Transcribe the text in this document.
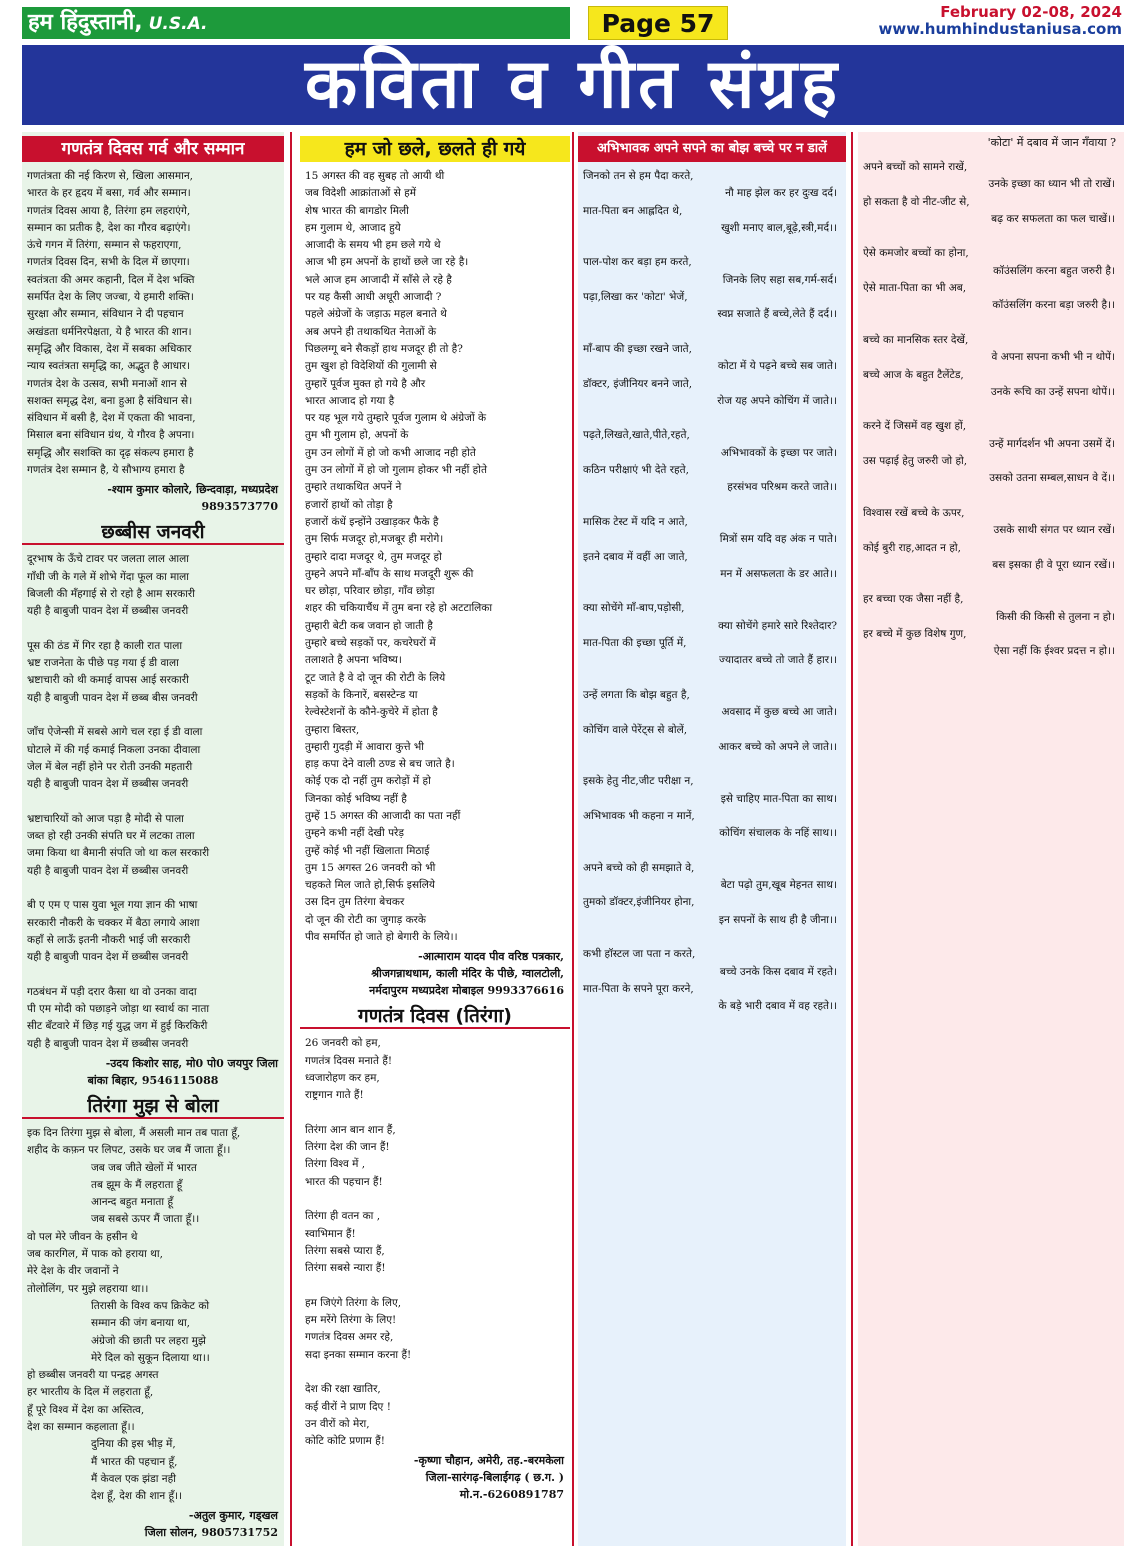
हम हिंदुस्तानी, U.S.A.	Page 57	February 02-08, 2024
www.humhindustaniusa.com
कविता व गीत संग्रह
गणतंत्र दिवस गर्व और सम्मान
गणतंत्रता की नई किरण से, खिला आसमान,
भारत के हर हृदय में बसा, गर्व और सम्मान।
गणतंत्र दिवस आया है, तिरंगा हम लहराएंगे,
सम्मान का प्रतीक है, देश का गौरव बढ़ाएंगे।
ऊंचे गगन में तिरंगा, सम्मान से फहराएगा,
गणतंत्र दिवस दिन, सभी के दिल में छाएगा।
स्वतंत्रता की अमर कहानी, दिल में देश भक्ति
समर्पित देश के लिए जज्बा, ये हमारी शक्ति।
सुरक्षा और सम्मान, संविधान ने दी पहचान
अखंडता धर्मनिरपेक्षता, ये है भारत की शान।
समृद्धि और विकास, देश में सबका अधिकार
न्याय स्वतंत्रता समृद्धि का, अद्भुत है आधार।
गणतंत्र देश के उत्सव, सभी मनाओं शान से
सशक्त समृद्ध देश, बना हुआ है संविधान से।
संविधान में बसी है, देश में एकता की भावना,
मिसाल बना संविधान ग्रंथ, ये गौरव है अपना।
समृद्धि और सशक्ति का दृढ़ संकल्प हमारा है
गणतंत्र देश सम्मान है, ये सौभाग्य हमारा है
-श्याम कुमार कोलारे, छिन्दवाड़ा, मध्यप्रदेश
9893573770
छब्बीस जनवरी
दूरभाष के ऊँचे टावर पर जलता लाल आला
गाँधी जी के गले में शोभे गेंदा फूल का माला
बिजली की मँहगाई से रो रहो है आम सरकारी
यही है बाबुजी पावन देश में छब्बीस जनवरी
पूस की ठंड में गिर रहा है काली रात पाला
भ्रष्ट राजनेता के पीछे पड़ गया ई डी वाला
भ्रष्टाचारी को थी कमाई वापस आई सरकारी
यही है बाबुजी पावन देश में छब्ब बीस जनवरी
जाँच ऐजेन्सी में सबसे आगे चल रहा ई डी वाला
घोटाले में की गई कमाई निकला उनका दीवाला
जेल में बेल नहीं होने पर रोती उनकी महतारी
यही है बाबुजी पावन देश में छब्बीस जनवरी
भ्रष्टाचारियों को आज पड़ा है मोदी से पाला
जब्त हो रही उनकी संपति घर में लटका ताला
जमा किया था बैमानी संपति जो था कल सरकारी
यही है बाबुजी पावन देश में छब्बीस जनवरी
बी ए एम ए पास युवा भूल गया ज्ञान की भाषा
सरकारी नौकरी के चक्कर में बैठा लगाये आशा
कहाँ से लाऊँ इतनी नौकरी भाई जी सरकारी
यही है बाबुजी पावन देश में छब्बीस जनवरी
गठबंधन में पड़ी दरार कैसा था वो उनका वादा
पी एम मोदी को पछाड़ने जोड़ा था स्वार्थ का नाता
सीट बँटवारे में छिड़ गई युद्ध जग में हुई किरकिरी
यही है बाबुजी पावन देश में छब्बीस जनवरी
-उदय किशोर साह, मो0 पो0 जयपुर जिला
बांका बिहार, 9546115088
तिरंगा मुझ से बोला
इक दिन तिरंगा मुझ से बोला, मैं असली मान तब पाता हूँ,
शहीद के कफ़न पर लिपट, उसके घर जब मैं जाता हूँ।।
जब जब जीते खेलों में भारत
तब झूम के मैं लहराता हूँ
आनन्द बहुत मनाता हूँ
जब सबसे ऊपर मैं जाता हूँ।।
वो पल मेरे जीवन के हसीन थे
जब कारगिल, में पाक को हराया था,
मेरे देश के वीर जवानों ने
तोलोलिंग, पर मुझे लहराया था।।
तिरासी के विश्व कप क्रिकेट को
सम्मान की जंग बनाया था,
अंग्रेजो की छाती पर लहरा मुझे
मेरे दिल को सुकून दिलाया था।।
हो छब्बीस जनवरी या पन्द्रह अगस्त
हर भारतीय के दिल में लहराता हूँ,
हूँ पूरे विश्व में देश का अस्तित्व,
देश का सम्मान कहलाता हूँ।।
दुनिया की इस भीड़ में,
मैं भारत की पहचान हूँ,
मैं केवल एक झंडा नही
देश हूँ, देश की शान हूँ।।
-अतुल कुमार, गड्खल
जिला सोलन, 9805731752
हम जो छले, छलते ही गये
15 अगस्त की वह सुबह तो आयी थी
जब विदेशी आक्रांताओं से हमें
शेष भारत की बागडोर मिली
हम गुलाम थे, आजाद हुये
आजादी के समय भी हम छले गये थे
आज भी हम अपनों के हाथों छले जा रहे है।
भले आज हम आजादी में साँसे ले रहे है
पर यह कैसी आधी अधूरी आजादी ?
पहले अंग्रेजों के जड़ाऊ महल बनाते थे
अब अपने ही तथाकथित नेताओं के
पिछलग्गू बने सैकड़ों हाथ मजदूर ही तो है?
तुम खुश हो विदेशियों की गुलामी से
तुम्हारें पूर्वज मुक्त हो गये है और
भारत आजाद हो गया है
पर यह भूल गये तुम्हारे पूर्वज गुलाम थे अंग्रेजों के
तुम भी गुलाम हो, अपनों के
तुम उन लोगों में हो जो कभी आजाद नही होते
तुम उन लोगों में हो जो गुलाम होकर भी नहीं होते
तुम्हारे तथाकथित अपनें ने
हजारों हाथों को तोड़ा है
हजारों कंधें इन्होंने उखाड़कर फैके है
तुम सिर्फ मजदूर हो,मजबूर ही मरोगे।
तुम्हारे दादा मजदूर थे, तुम मजदूर हो
तुम्हने अपने माँ-बाँप के साथ मजदूरी शुरू की
घर छोड़ा, परिवार छोड़ा, गाँव छोड़ा
शहर की चकियाचैंध में तुम बना रहे हो अटटालिका
तुम्हारी बेटी कब जवान हो जाती है
तुम्हारे बच्चे सड़कों पर, कचरेघरों में
तलाशते है अपना भविष्य।
टूट जाते है वे दो जून की रोटी के लिये
सड़कों के किनारें, बसस्टेन्ड या
रेल्वेस्टेशनों के कौने-कुचेरे में होता है
तुम्हारा बिस्तर,
तुम्हारी गुदड़ी में आवारा कुत्ते भी
हाड़ कपा देने वाली ठण्ड से बच जाते है।
कोई एक दो नहीं तुम करोड़ों में हो
जिनका कोई भविष्य नहीं है
तुम्हें 15 अगस्त की आजादी का पता नहीं
तुम्हने कभी नहीं देखी परेड़
तुम्हें कोई भी नहीं खिलाता मिठाई
तुम 15 अगस्त 26 जनवरी को भी
चहकते मिल जाते हो,सिर्फ इसलिये
उस दिन तुम तिरंगा बेचकर
दो जून की रोटी का जुगाड़ करके
पीव समर्पित हो जाते हो बेगारी के लिये।।
-आत्माराम यादव पीव वरिष्ठ पत्रकार,
श्रीजगन्नाथधाम, काली मंदिर के पीछे, ग्वालटोली,
नर्मदापुरम मध्यप्रदेश मोबाइल 9993376616
गणतंत्र दिवस (तिरंगा)
26 जनवरी को हम,
गणतंत्र दिवस मनाते हैं!
ध्वजारोहण कर हम,
राष्ट्रगान गाते हैं!
तिरंगा आन बान शान हैं,
तिरंगा देश की जान हैं!
तिरंगा विश्व में ,
भारत की पहचान हैं!
तिरंगा ही वतन का ,
स्वाभिमान हैं!
तिरंगा सबसे प्यारा हैं,
तिरंगा सबसे न्यारा हैं!
हम जिएंगे तिरंगा के लिए,
हम मरेंगे तिरंगा के लिए!
गणतंत्र दिवस अमर रहे,
सदा इनका सम्मान करना हैं!
देश की रक्षा खातिर,
कई वीरों ने प्राण दिए !
उन वीरों को मेरा,
कोटि कोटि प्रणाम हैं!
-कृष्णा चौहान, अमेरी, तह.-बरमकेला
जिला-सारंगढ़-बिलाईगढ़ ( छ.ग. )
मो.न.-6260891787
अभिभावक अपने सपने का बोझ बच्चे पर न डालें
जिनको तन से हम पैदा करते,
नौ माह झेल कर हर दुःख दर्द।
मात-पिता बन आह्लदित थे,
खुशी मनाए बाल,बूढ़े,स्त्री,मर्द।।
पाल-पोश कर बड़ा हम करते,
जिनके लिए सहा सब,गर्म-सर्द।
पढ़ा,लिखा कर 'कोटा' भेजें,
स्वप्न सजाते हैं बच्चे,लेते हैं दर्द।।
माँ-बाप की इच्छा रखने जाते,
कोटा में ये पढ़ने बच्चे सब जाते।
डॉक्टर, इंजीनियर बनने जाते,
रोज यह अपने कोचिंग में जाते।।
पढ़ते,लिखते,खाते,पीते,रहते,
अभिभावकों के इच्छा पर जाते।
कठिन परीक्षाएं भी देते रहते,
हरसंभव परिश्रम करते जाते।।
मासिक टेस्ट में यदि न आते,
मित्रों सम यदि वह अंक न पाते।
इतने दबाव में वहीं आ जाते,
मन में असफलता के डर आते।।
क्या सोचेंगे माँ-बाप,पड़ोसी,
क्या सोचेंगे हमारे सारे रिश्तेदार?
मात-पिता की इच्छा पूर्ति में,
ज्यादातर बच्चे तो जाते हैं हार।।
उन्हें लगता कि बोझ बहुत है,
अवसाद में कुछ बच्चे आ जाते।
कोचिंग वाले पेरेंट्स से बोलें,
आकर बच्चे को अपने ले जाते।।
इसके हेतु नीट,जीट परीक्षा न,
इसे चाहिए मात-पिता का साथ।
अभिभावक भी कहना न मानें,
कोचिंग संचालक के नहिं साथ।।
अपने बच्चे को ही समझाते वे,
बेटा पढ़ो तुम,खूब मेहनत साथ।
तुमको डॉक्टर,इंजीनियर होना,
इन सपनों के साथ ही है जीना।।
कभी हॉस्टल जा पता न करते,
बच्चे उनके किस दबाव में रहते।
मात-पिता के सपने पूरा करने,
के बड़े भारी दबाव में वह रहते।।
'कोटा' में दबाव में जान गँवाया ?
अपने बच्चों को सामने राखें,
उनके इच्छा का ध्यान भी तो राखें।
हो सकता है वो नीट-जीट से,
बढ़ कर सफलता का फल चाखें।।
ऐसे कमजोर बच्चों का होना,
कॉउंसलिंग करना बहुत जरुरी है।
ऐसे माता-पिता का भी अब,
कॉउंसलिंग करना बड़ा जरुरी है।।
बच्चे का मानसिक स्तर देखें,
वे अपना सपना कभी भी न थोपें।
बच्चे आज के बहुत टैलेंटेड,
उनके रूचि का उन्हें सपना थोपें।।
करने दें जिसमें वह खुश हों,
उन्हें मार्गदर्शन भी अपना उसमें दें।
उस पढ़ाई हेतु जरुरी जो हो,
उसको उतना सम्बल,साधन वे दें।।
विश्वास रखें बच्चे के ऊपर,
उसके साथी संगत पर ध्यान रखें।
कोई बुरी राह,आदत न हो,
बस इसका ही वे पूरा ध्यान रखें।।
हर बच्चा एक जैसा नहीं है,
किसी की किसी से तुलना न हो।
हर बच्चे में कुछ विशेष गुण,
ऐसा नहीं कि ईश्वर प्रदत्त न हो।।
